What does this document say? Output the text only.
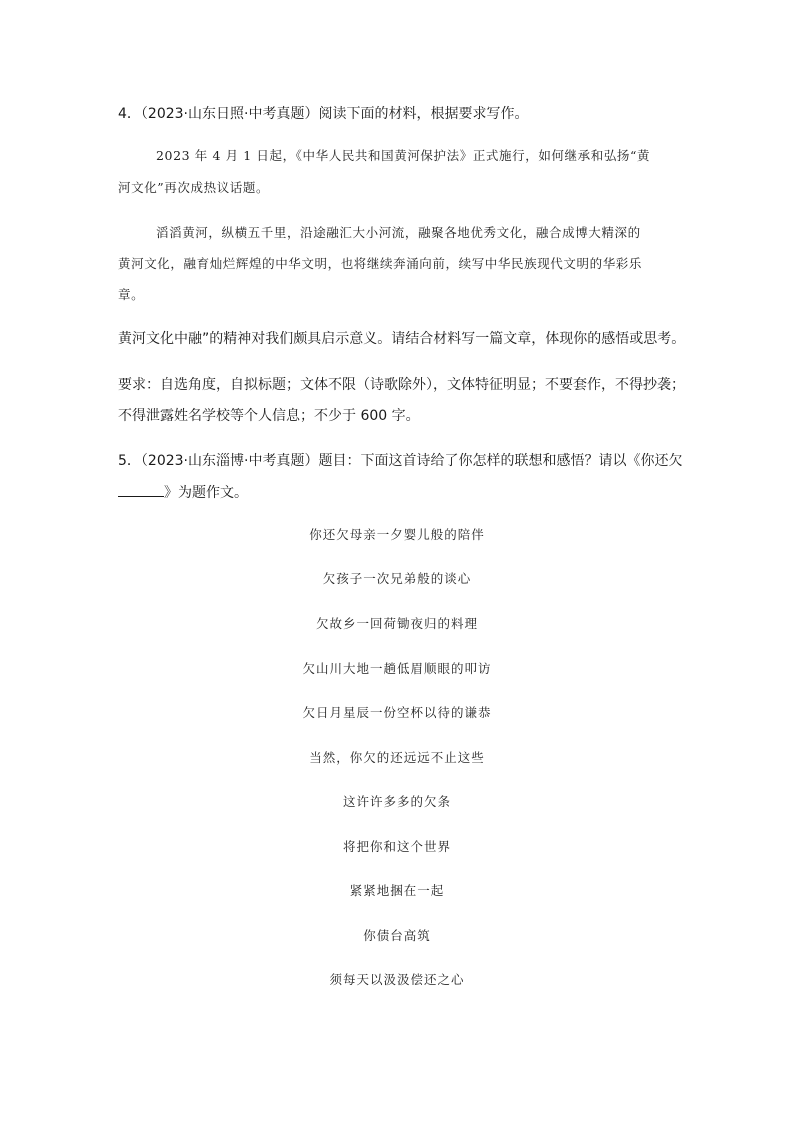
4．（2023·山东日照·中考真题）阅读下面的材料，根据要求写作。
2023 年 4 月 1 日起，《中华人民共和国黄河保护法》正式施行，如何继承和弘扬“黄
河文化”再次成热议话题。
滔滔黄河，纵横五千里，沿途融汇大小河流，融聚各地优秀文化，融合成博大精深的
黄河文化，融育灿烂辉煌的中华文明，也将继续奔涌向前，续写中华民族现代文明的华彩乐
章。
黄河文化中融”的精神对我们颇具启示意义。请结合材料写一篇文章，体现你的感悟或思考。
要求：自选角度，自拟标题；文体不限（诗歌除外），文体特征明显；不要套作，不得抄袭；
不得泄露姓名学校等个人信息；不少于 600 字。
5．（2023·山东淄博·中考真题）题目：下面这首诗给了你怎样的联想和感悟？请以《你还欠
》为题作文。
你还欠母亲一夕婴儿般的陪伴
欠孩子一次兄弟般的谈心
欠故乡一回荷锄夜归的料理
欠山川大地一趟低眉顺眼的叩访
欠日月星辰一份空杯以待的谦恭
当然，你欠的还远远不止这些
这许许多多的欠条
将把你和这个世界
紧紧地捆在一起
你债台高筑
须每天以汲汲偿还之心
